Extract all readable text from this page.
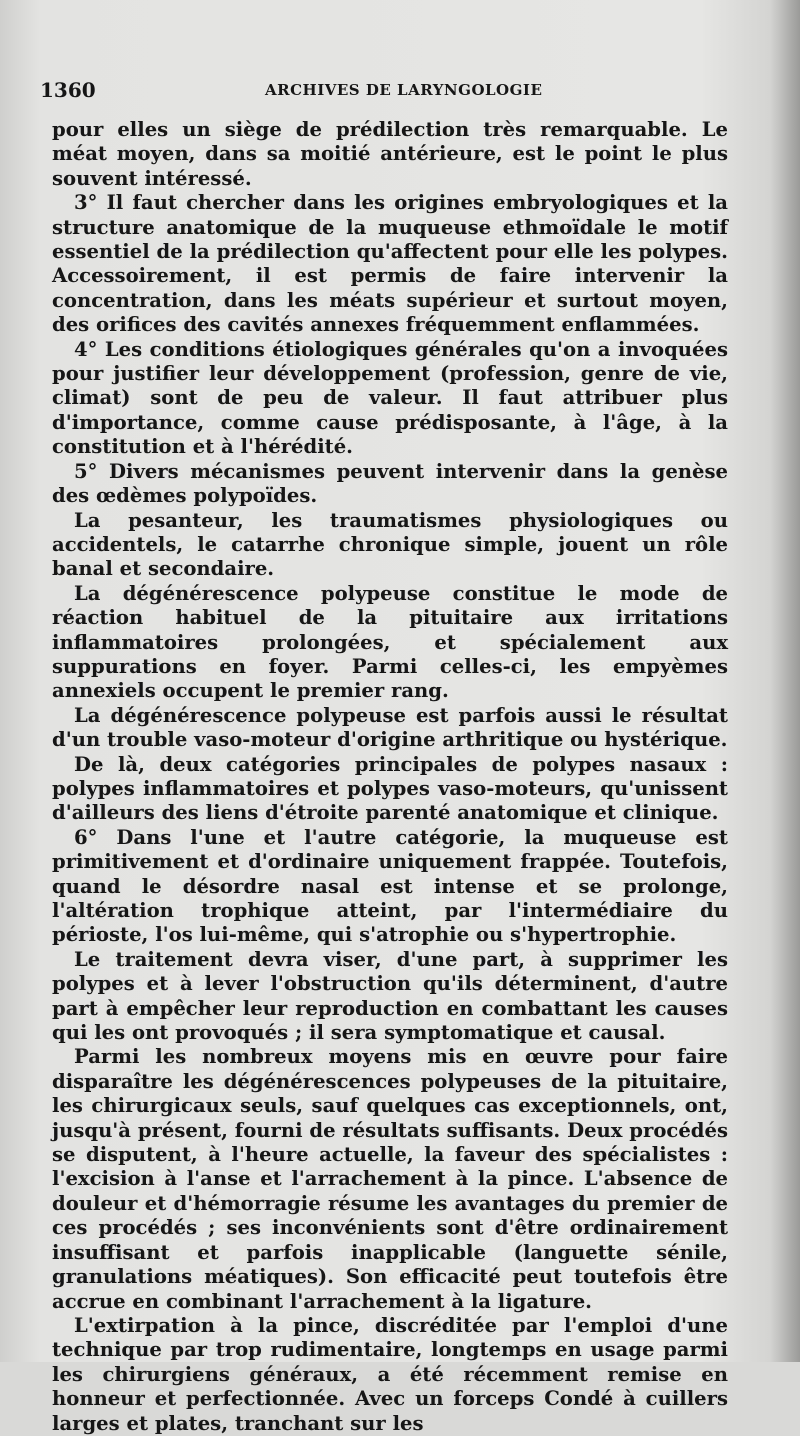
1360	ARCHIVES DE LARYNGOLOGIE

pour elles un siège de prédilection très remarquable. Le méat moyen, dans sa moitié antérieure, est le point le plus souvent intéressé.

3° Il faut chercher dans les origines embryologiques et la structure anatomique de la muqueuse ethmoïdale le motif essentiel de la prédilection qu'affectent pour elle les polypes. Accessoirement, il est permis de faire intervenir la concentration, dans les méats supérieur et surtout moyen, des orifices des cavités annexes fréquemment enflammées.

4° Les conditions étiologiques générales qu'on a invoquées pour justifier leur développement (profession, genre de vie, climat) sont de peu de valeur. Il faut attribuer plus d'importance, comme cause prédisposante, à l'âge, à la constitution et à l'hérédité.

5° Divers mécanismes peuvent intervenir dans la genèse des œdèmes polypoïdes.

La pesanteur, les traumatismes physiologiques ou accidentels, le catarrhe chronique simple, jouent un rôle banal et secondaire.

La dégénérescence polypeuse constitue le mode de réaction habituel de la pituitaire aux irritations inflammatoires prolongées, et spécialement aux suppurations en foyer. Parmi celles-ci, les empyèmes annexiels occupent le premier rang.

La dégénérescence polypeuse est parfois aussi le résultat d'un trouble vaso-moteur d'origine arthritique ou hystérique.

De là, deux catégories principales de polypes nasaux : polypes inflammatoires et polypes vaso-moteurs, qu'unissent d'ailleurs des liens d'étroite parenté anatomique et clinique.

6° Dans l'une et l'autre catégorie, la muqueuse est primitivement et d'ordinaire uniquement frappée. Toutefois, quand le désordre nasal est intense et se prolonge, l'altération trophique atteint, par l'intermédiaire du périoste, l'os lui-même, qui s'atrophie ou s'hypertrophie.

Le traitement devra viser, d'une part, à supprimer les polypes et à lever l'obstruction qu'ils déterminent, d'autre part à empêcher leur reproduction en combattant les causes qui les ont provoqués ; il sera symptomatique et causal.

Parmi les nombreux moyens mis en œuvre pour faire disparaître les dégénérescences polypeuses de la pituitaire, les chirurgicaux seuls, sauf quelques cas exceptionnels, ont, jusqu'à présent, fourni de résultats suffisants. Deux procédés se disputent, à l'heure actuelle, la faveur des spécialistes : l'excision à l'anse et l'arrachement à la pince. L'absence de douleur et d'hémorragie résume les avantages du premier de ces procédés ; ses inconvénients sont d'être ordinairement insuffisant et parfois inapplicable (languette sénile, granulations méatiques). Son efficacité peut toutefois être accrue en combinant l'arrachement à la ligature.

L'extirpation à la pince, discréditée par l'emploi d'une technique par trop rudimentaire, longtemps en usage parmi les chirurgiens généraux, a été récemment remise en honneur et perfectionnée. Avec un forceps Condé à cuillers larges et plates, tranchant sur les
